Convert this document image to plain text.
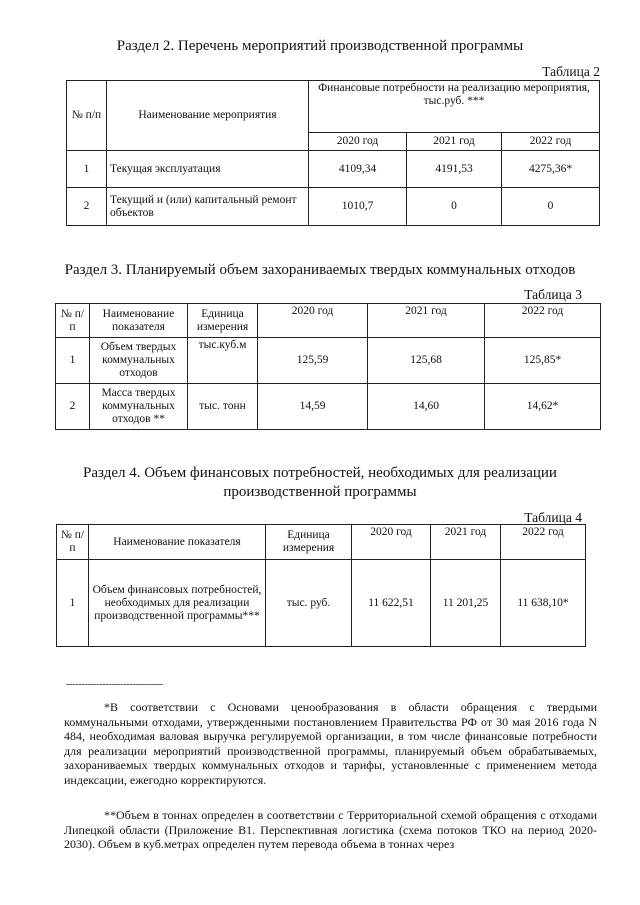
Раздел 2. Перечень мероприятий производственной программы
Таблица 2
№ п/п	Наименование мероприятия	Финансовые потребности на реализацию мероприятия, тыс.руб. ***		
		2020 год	2021 год	2022 год
1	Текущая эксплуатация	4109,34	4191,53	4275,36*
2	Текущий и (или) капитальный ремонт объектов	1010,7	0	0
Раздел 3. Планируемый объем захораниваемых твердых коммунальных отходов
Таблица 3
№ п/п	Наименование показателя	Единица измерения	2020 год	2021 год	2022 год
1	Объем твердых коммунальных отходов	тыс.куб.м	125,59	125,68	125,85*
2	Масса твердых коммунальных отходов **	тыс. тонн	14,59	14,60	14,62*
Раздел 4. Объем финансовых потребностей, необходимых для реализации
производственной программы
Таблица 4
№ п/п	Наименование показателя	Единица измерения	2020 год	2021 год	2022 год
1	Объем финансовых потребностей, необходимых для реализации производственной программы***	тыс. руб.	11 622,51	11 201,25	11 638,10*
--------------------------------
*В соответствии с Основами ценообразования в области обращения с твердыми коммунальными отходами, утвержденными постановлением Правительства РФ от 30 мая 2016 года N 484, необходимая валовая выручка регулируемой организации, в том числе финансовые потребности для реализации мероприятий производственной программы, планируемый объем обрабатываемых, захораниваемых твердых коммунальных отходов и тарифы, установленные с применением метода индексации, ежегодно корректируются.
**Объем в тоннах определен в соответствии с Территориальной схемой обращения с отходами Липецкой области (Приложение В1. Перспективная логистика (схема потоков ТКО на период 2020-2030). Объем в куб.метрах определен путем перевода объема в тоннах через
